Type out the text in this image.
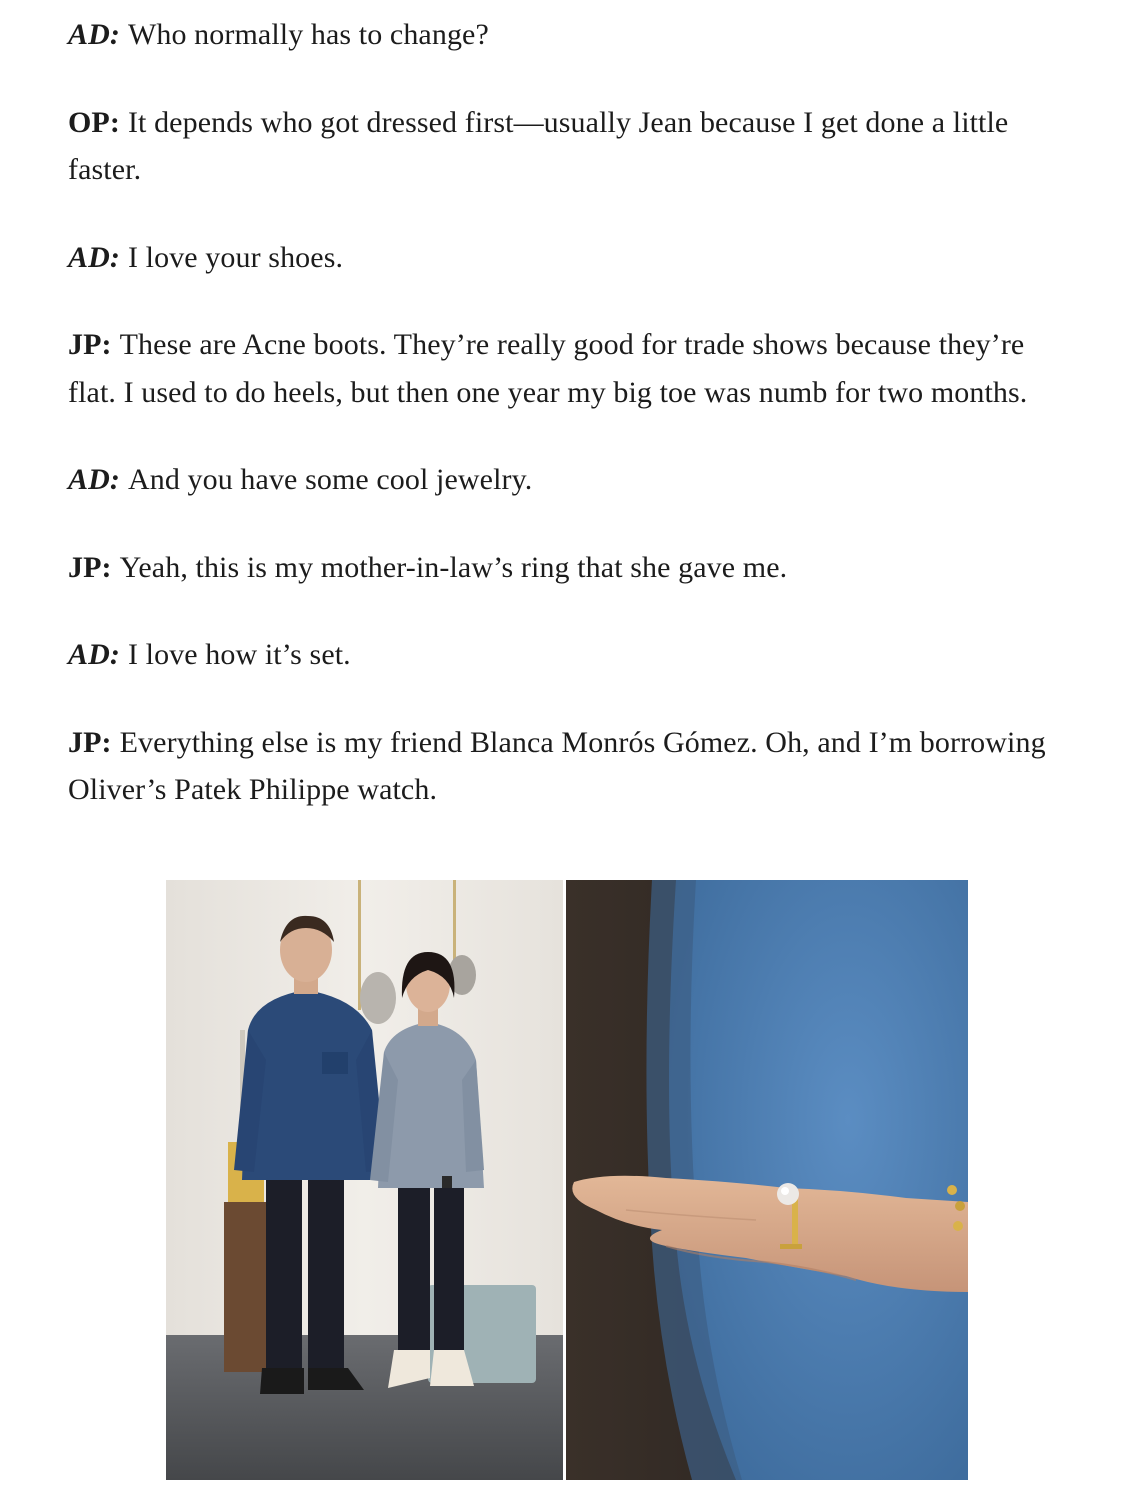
AD: Who normally has to change?

OP: It depends who got dressed first—usually Jean because I get done a little faster.

AD: I love your shoes.

JP: These are Acne boots. They’re really good for trade shows because they’re flat. I used to do heels, but then one year my big toe was numb for two months.

AD: And you have some cool jewelry.

JP: Yeah, this is my mother-in-law’s ring that she gave me.

AD: I love how it’s set.

JP: Everything else is my friend Blanca Monrós Gómez. Oh, and I’m borrowing Oliver’s Patek Philippe watch.
